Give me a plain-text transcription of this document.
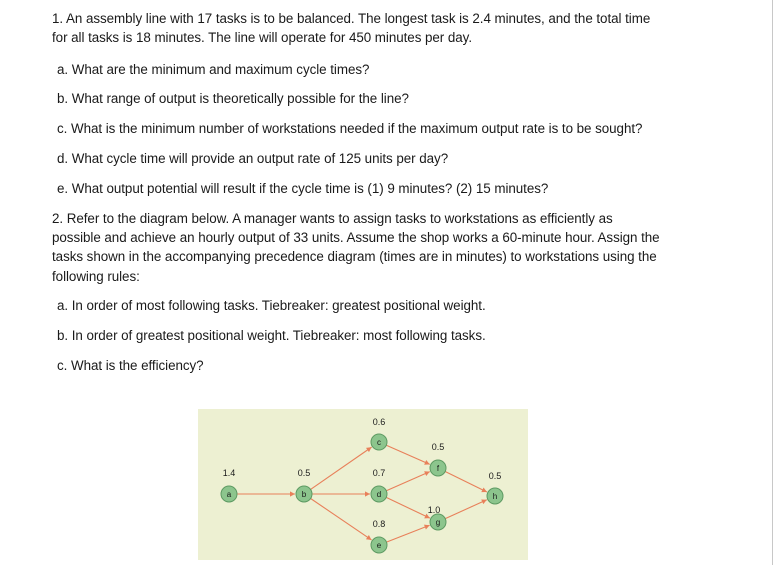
1. An assembly line with 17 tasks is to be balanced. The longest task is 2.4 minutes, and the total time
for all tasks is 18 minutes. The line will operate for 450 minutes per day.
a. What are the minimum and maximum cycle times?
b. What range of output is theoretically possible for the line?
c. What is the minimum number of workstations needed if the maximum output rate is to be sought?
d. What cycle time will provide an output rate of 125 units per day?
e. What output potential will result if the cycle time is (1) 9 minutes? (2) 15 minutes?
2. Refer to the diagram below. A manager wants to assign tasks to workstations as efficiently as
possible and achieve an hourly output of 33 units. Assume the shop works a 60-minute hour. Assign the
tasks shown in the accompanying precedence diagram (times are in minutes) to workstations using the
following rules:
a. In order of most following tasks. Tiebreaker: greatest positional weight.
b. In order of greatest positional weight. Tiebreaker: most following tasks.
c. What is the efficiency?
a
1.4
b
0.5
c
0.6
d
0.7
e
0.8
f
0.5
g
1.0
h
0.5
